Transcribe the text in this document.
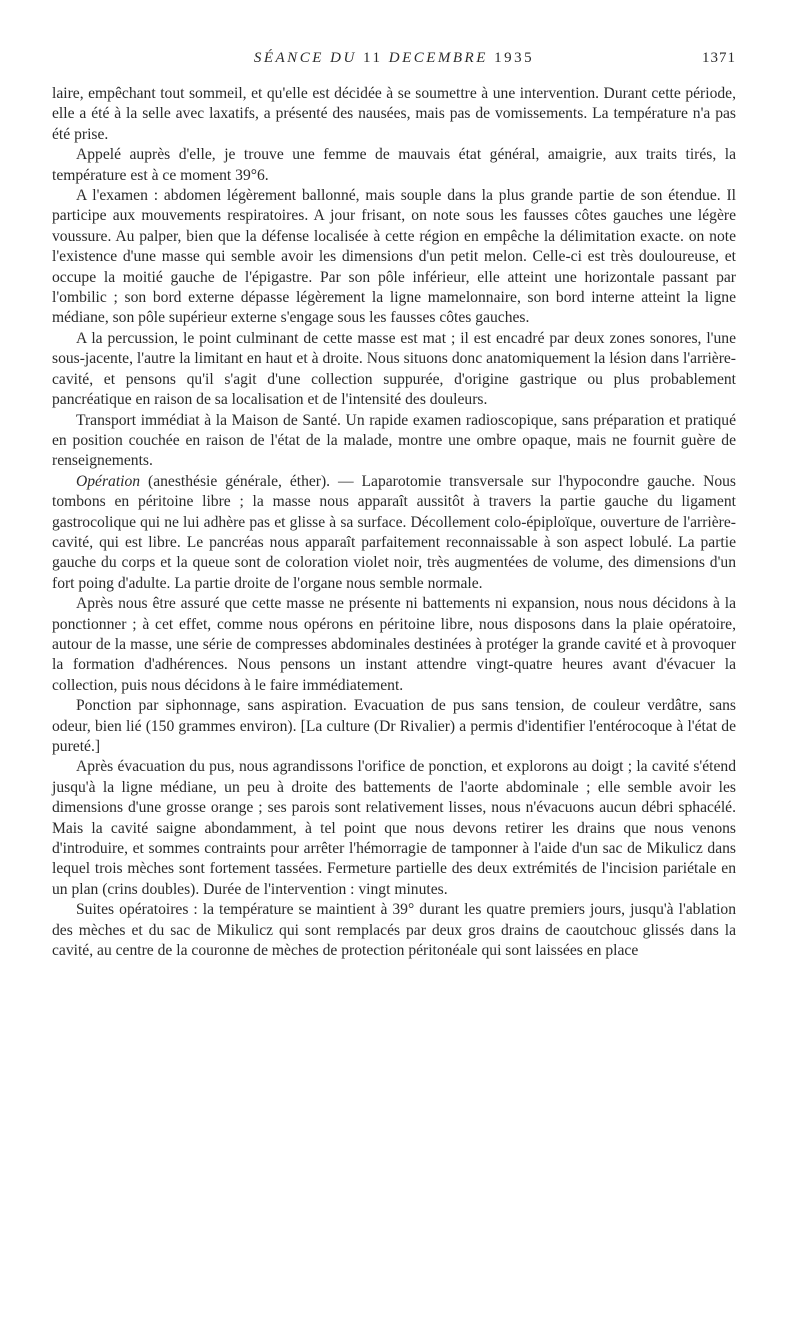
SÉANCE DU 11 DECEMBRE 1935	1371

laire, empêchant tout sommeil, et qu'elle est décidée à se soumettre à une intervention. Durant cette période, elle a été à la selle avec laxatifs, a présenté des nausées, mais pas de vomissements. La température n'a pas été prise.

Appelé auprès d'elle, je trouve une femme de mauvais état général, amaigrie, aux traits tirés, la température est à ce moment 39°6.

A l'examen : abdomen légèrement ballonné, mais souple dans la plus grande partie de son étendue. Il participe aux mouvements respiratoires. A jour frisant, on note sous les fausses côtes gauches une légère voussure. Au palper, bien que la défense localisée à cette région en empêche la délimitation exacte. on note l'existence d'une masse qui semble avoir les dimensions d'un petit melon. Celle-ci est très douloureuse, et occupe la moitié gauche de l'épigastre. Par son pôle inférieur, elle atteint une horizontale passant par l'ombilic ; son bord externe dépasse légèrement la ligne mamelonnaire, son bord interne atteint la ligne médiane, son pôle supérieur externe s'engage sous les fausses côtes gauches.

A la percussion, le point culminant de cette masse est mat ; il est encadré par deux zones sonores, l'une sous-jacente, l'autre la limitant en haut et à droite. Nous situons donc anatomiquement la lésion dans l'arrière-cavité, et pensons qu'il s'agit d'une collection suppurée, d'origine gastrique ou plus probablement pancréatique en raison de sa localisation et de l'intensité des douleurs.

Transport immédiat à la Maison de Santé. Un rapide examen radioscopique, sans préparation et pratiqué en position couchée en raison de l'état de la malade, montre une ombre opaque, mais ne fournit guère de renseignements.

Opération (anesthésie générale, éther). — Laparotomie transversale sur l'hypocondre gauche. Nous tombons en péritoine libre ; la masse nous apparaît aussitôt à travers la partie gauche du ligament gastrocolique qui ne lui adhère pas et glisse à sa surface. Décollement colo-épiploïque, ouverture de l'arrière-cavité, qui est libre. Le pancréas nous apparaît parfaitement reconnaissable à son aspect lobulé. La partie gauche du corps et la queue sont de coloration violet noir, très augmentées de volume, des dimensions d'un fort poing d'adulte. La partie droite de l'organe nous semble normale.

Après nous être assuré que cette masse ne présente ni battements ni expansion, nous nous décidons à la ponctionner ; à cet effet, comme nous opérons en péritoine libre, nous disposons dans la plaie opératoire, autour de la masse, une série de compresses abdominales destinées à protéger la grande cavité et à provoquer la formation d'adhérences. Nous pensons un instant attendre vingt-quatre heures avant d'évacuer la collection, puis nous décidons à le faire immédiatement.

Ponction par siphonnage, sans aspiration. Evacuation de pus sans tension, de couleur verdâtre, sans odeur, bien lié (150 grammes environ). [La culture (Dr Rivalier) a permis d'identifier l'entérocoque à l'état de pureté.]

Après évacuation du pus, nous agrandissons l'orifice de ponction, et explorons au doigt ; la cavité s'étend jusqu'à la ligne médiane, un peu à droite des battements de l'aorte abdominale ; elle semble avoir les dimensions d'une grosse orange ; ses parois sont relativement lisses, nous n'évacuons aucun débri sphacélé. Mais la cavité saigne abondamment, à tel point que nous devons retirer les drains que nous venons d'introduire, et sommes contraints pour arrêter l'hémorragie de tamponner à l'aide d'un sac de Mikulicz dans lequel trois mèches sont fortement tassées. Fermeture partielle des deux extrémités de l'incision pariétale en un plan (crins doubles). Durée de l'intervention : vingt minutes.

Suites opératoires : la température se maintient à 39° durant les quatre premiers jours, jusqu'à l'ablation des mèches et du sac de Mikulicz qui sont remplacés par deux gros drains de caoutchouc glissés dans la cavité, au centre de la couronne de mèches de protection péritonéale qui sont laissées en place
